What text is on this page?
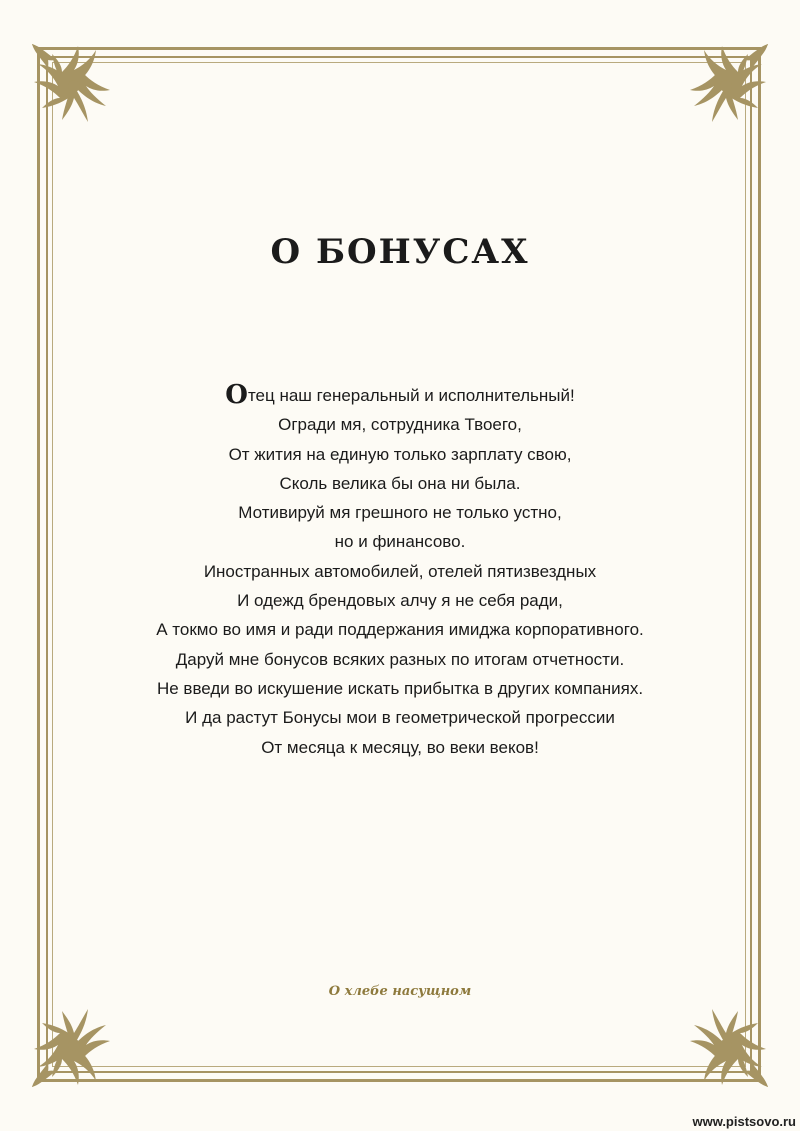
О БОНУСАХ
Отец наш генеральный и исполнительный!
Огради мя, сотрудника Твоего,
От жития на единую только зарплату свою,
Сколь велика бы она ни была.
Мотивируй мя грешного не только устно,
но и финансово.
Иностранных автомобилей, отелей пятизвездных
И одежд брендовых алчу я не себя ради,
А токмо во имя и ради поддержания имиджа корпоративного.
Даруй мне бонусов всяких разных по итогам отчетности.
Не введи во искушение искать прибытка в других компаниях.
И да растут Бонусы мои в геометрической прогрессии
От месяца к месяцу, во веки веков!
О хлебе насущном
www.pistsovo.ru
